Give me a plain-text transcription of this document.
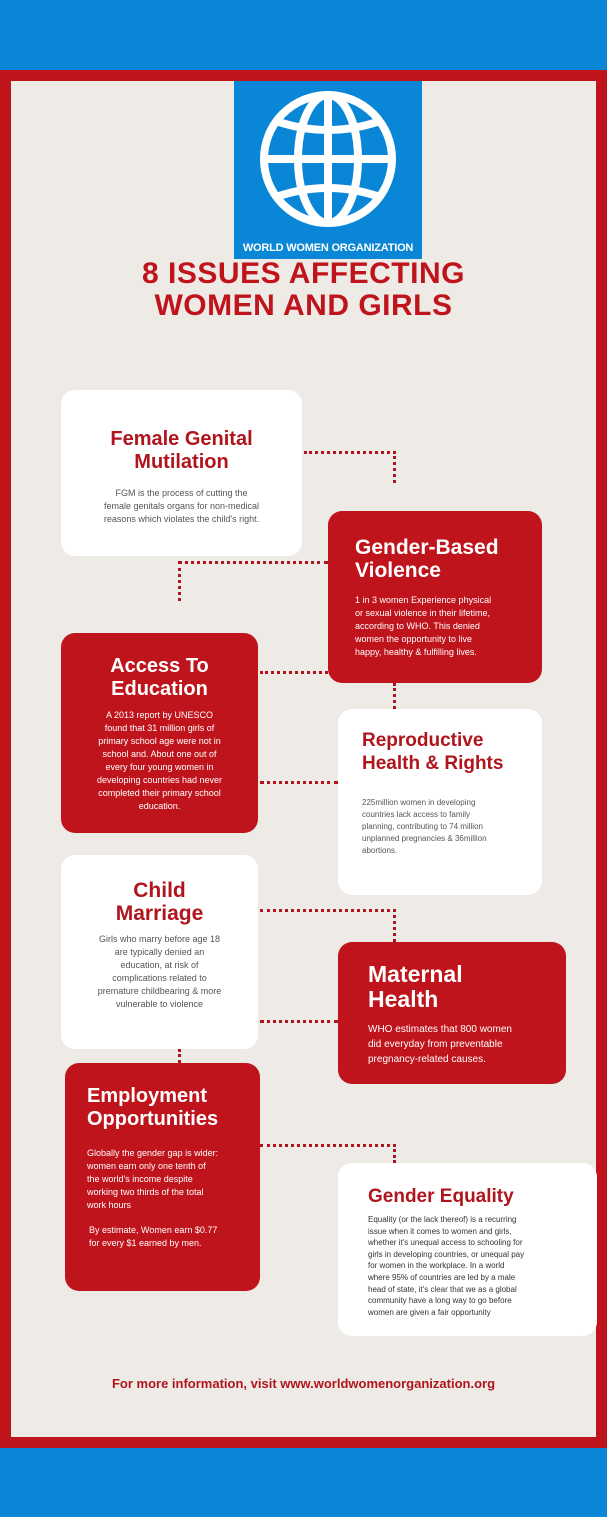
WORLD WOMEN ORGANIZATION
8 ISSUES AFFECTING
WOMEN AND GIRLS
Female Genital
Mutilation

FGM is the process of cutting the
female genitals organs for non-medical
reasons which violates the child's right.

Gender-Based
Violence

1 in 3 women Experience physical
or sexual violence in their lifetime,
according to WHO. This denied
women the opportunity to live
happy, healthy & fulfilling lives.

Access To
Education

A 2013 report by UNESCO
found that 31 million girls of
primary school age were not in
school and. About one out of
every four young women in
developing countries had never
completed their primary school
education.

Reproductive
Health & Rights

225million women in developing
countries lack access to family
planning, contributing to 74 million
unplanned pregnancies & 36million
abortions.

Child
Marriage

Girls who marry before age 18
are typically denied an
education, at risk of
complications related to
premature childbearing & more
vulnerable to violence

Maternal
Health

WHO estimates that 800 women
did everyday from preventable
pregnancy-related causes.

Employment
Opportunities

Globally the gender gap is wider:
women earn only one tenth of
the world's income despite
working two thirds of the total
work hours

By estimate, Women earn $0.77
for every $1 earned by men.

Gender Equality

Equality (or the lack thereof) is a recurring
issue when it comes to women and girls,
whether it's unequal access to schooling for
girls in developing countries, or unequal pay
for women in the workplace. In a world
where 95% of countries are led by a male
head of state, it's clear that we as a global
community have a long way to go before
women are given a fair opportunity

For more information, visit www.worldwomenorganization.org
